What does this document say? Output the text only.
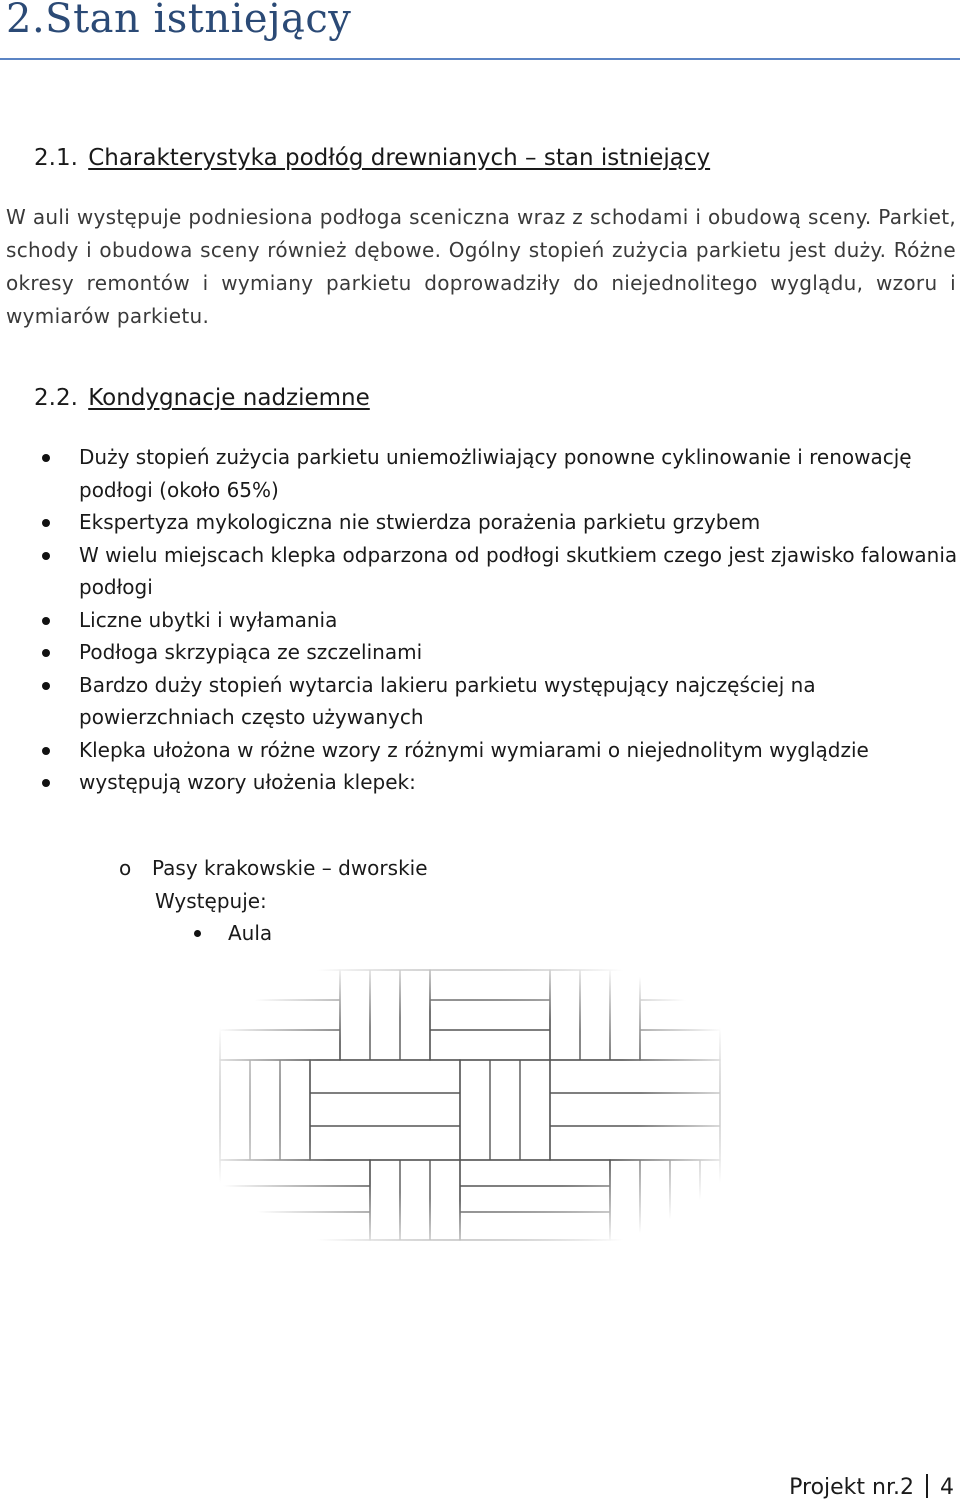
2.Stan istniejący
2.1. Charakterystyka podłóg drewnianych – stan istniejący
W auli występuje podniesiona podłoga sceniczna wraz z schodami i obudową sceny. Parkiet, schody i obudowa sceny również dębowe. Ogólny stopień zużycia parkietu jest duży. Różne okresy remontów i wymiany parkietu doprowadziły do niejednolitego wyglądu, wzoru i wymiarów parkietu.
2.2. Kondygnacje nadziemne
Duży stopień zużycia parkietu uniemożliwiający ponowne cyklinowanie i renowację podłogi (około 65%)
Ekspertyza mykologiczna nie stwierdza porażenia parkietu grzybem
W wielu miejscach klepka odparzona od podłogi skutkiem czego jest zjawisko falowania podłogi
Liczne ubytki i wyłamania
Podłoga skrzypiąca ze szczelinami
Bardzo duży stopień wytarcia lakieru parkietu występujący najczęściej na powierzchniach często używanych
Klepka ułożona w różne wzory z różnymi wymiarami o niejednolitym wyglądzie
występują wzory ułożenia klepek:
o Pasy krakowskie – dworskie
Występuje:
Aula
Projekt nr.2 4
